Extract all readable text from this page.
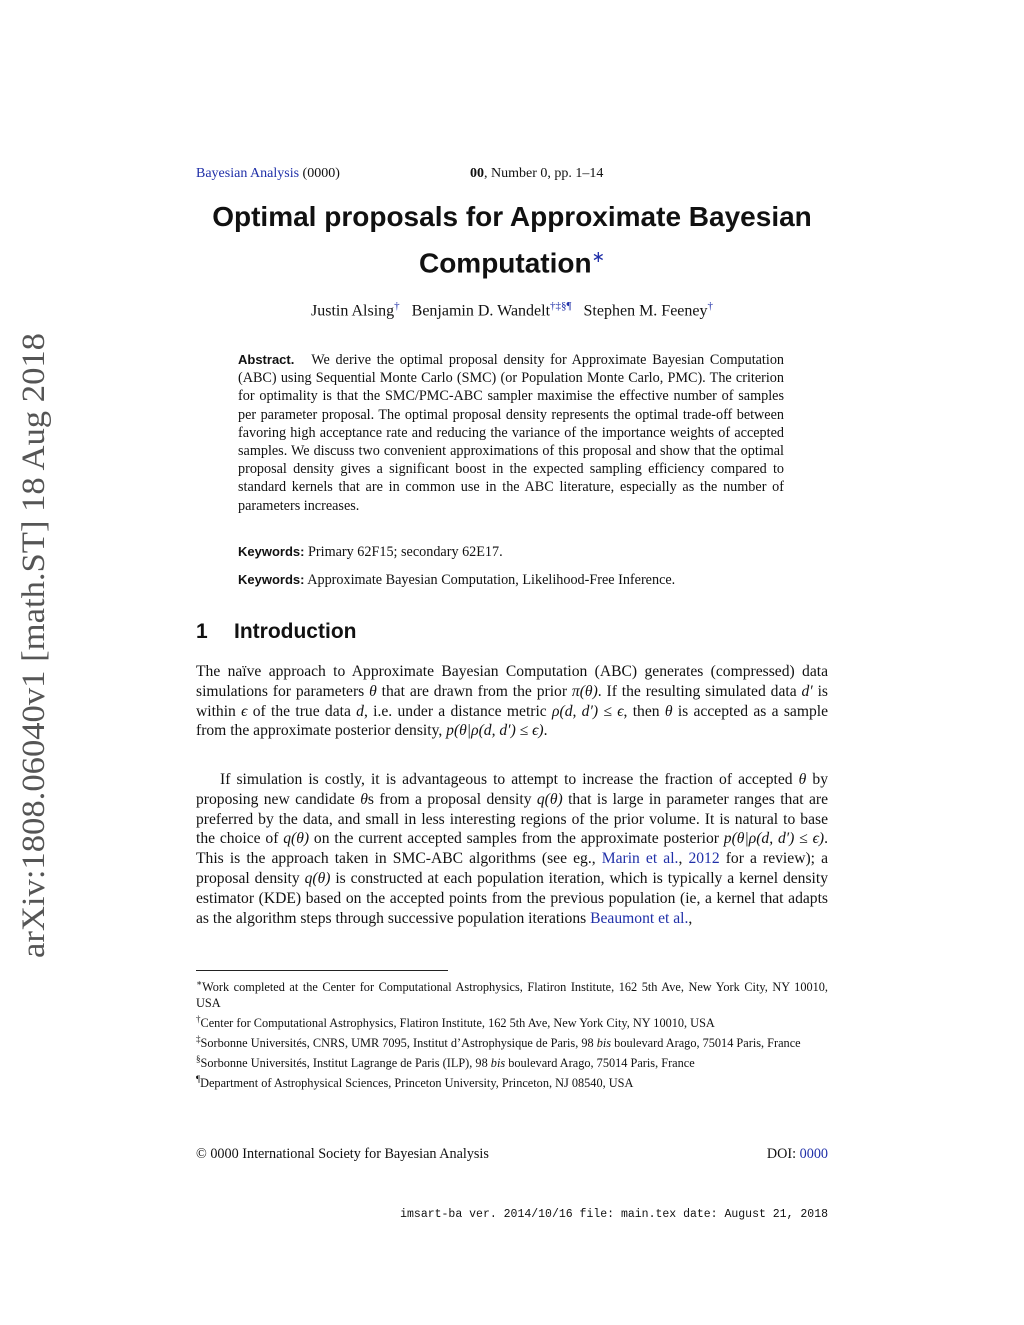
arXiv:1808.06040v1 [math.ST] 18 Aug 2018
Bayesian Analysis (0000)	00, Number 0, pp. 1–14
Optimal proposals for Approximate Bayesian Computation∗
Justin Alsing† Benjamin D. Wandelt†‡§¶ Stephen M. Feeney†
Abstract. We derive the optimal proposal density for Approximate Bayesian Computation (ABC) using Sequential Monte Carlo (SMC) (or Population Monte Carlo, PMC). The criterion for optimality is that the SMC/PMC-ABC sampler maximise the effective number of samples per parameter proposal. The optimal proposal density represents the optimal trade-off between favoring high acceptance rate and reducing the variance of the importance weights of accepted samples. We discuss two convenient approximations of this proposal and show that the optimal proposal density gives a significant boost in the expected sampling efficiency compared to standard kernels that are in common use in the ABC literature, especially as the number of parameters increases.
Keywords: Primary 62F15; secondary 62E17.
Keywords: Approximate Bayesian Computation, Likelihood-Free Inference.
1 Introduction
The naïve approach to Approximate Bayesian Computation (ABC) generates (compressed) data simulations for parameters θ that are drawn from the prior π(θ). If the resulting simulated data d′ is within ϵ of the true data d, i.e. under a distance metric ρ(d, d′) ≤ ϵ, then θ is accepted as a sample from the approximate posterior density, p(θ|ρ(d, d′) ≤ ϵ).
If simulation is costly, it is advantageous to attempt to increase the fraction of accepted θ by proposing new candidate θs from a proposal density q(θ) that is large in parameter ranges that are preferred by the data, and small in less interesting regions of the prior volume. It is natural to base the choice of q(θ) on the current accepted samples from the approximate posterior p(θ|ρ(d, d′) ≤ ϵ). This is the approach taken in SMC-ABC algorithms (see eg., Marin et al., 2012 for a review); a proposal density q(θ) is constructed at each population iteration, which is typically a kernel density estimator (KDE) based on the accepted points from the previous population (ie, a kernel that adapts as the algorithm steps through successive population iterations Beaumont et al.,

∗Work completed at the Center for Computational Astrophysics, Flatiron Institute, 162 5th Ave, New York City, NY 10010, USA

†Center for Computational Astrophysics, Flatiron Institute, 162 5th Ave, New York City, NY 10010, USA

‡Sorbonne Universités, CNRS, UMR 7095, Institut d’Astrophysique de Paris, 98 bis boulevard Arago, 75014 Paris, France

§Sorbonne Universités, Institut Lagrange de Paris (ILP), 98 bis boulevard Arago, 75014 Paris, France

¶Department of Astrophysical Sciences, Princeton University, Princeton, NJ 08540, USA

© 0000 International Society for Bayesian Analysis	DOI: 0000
imsart-ba ver. 2014/10/16 file: main.tex date: August 21, 2018
